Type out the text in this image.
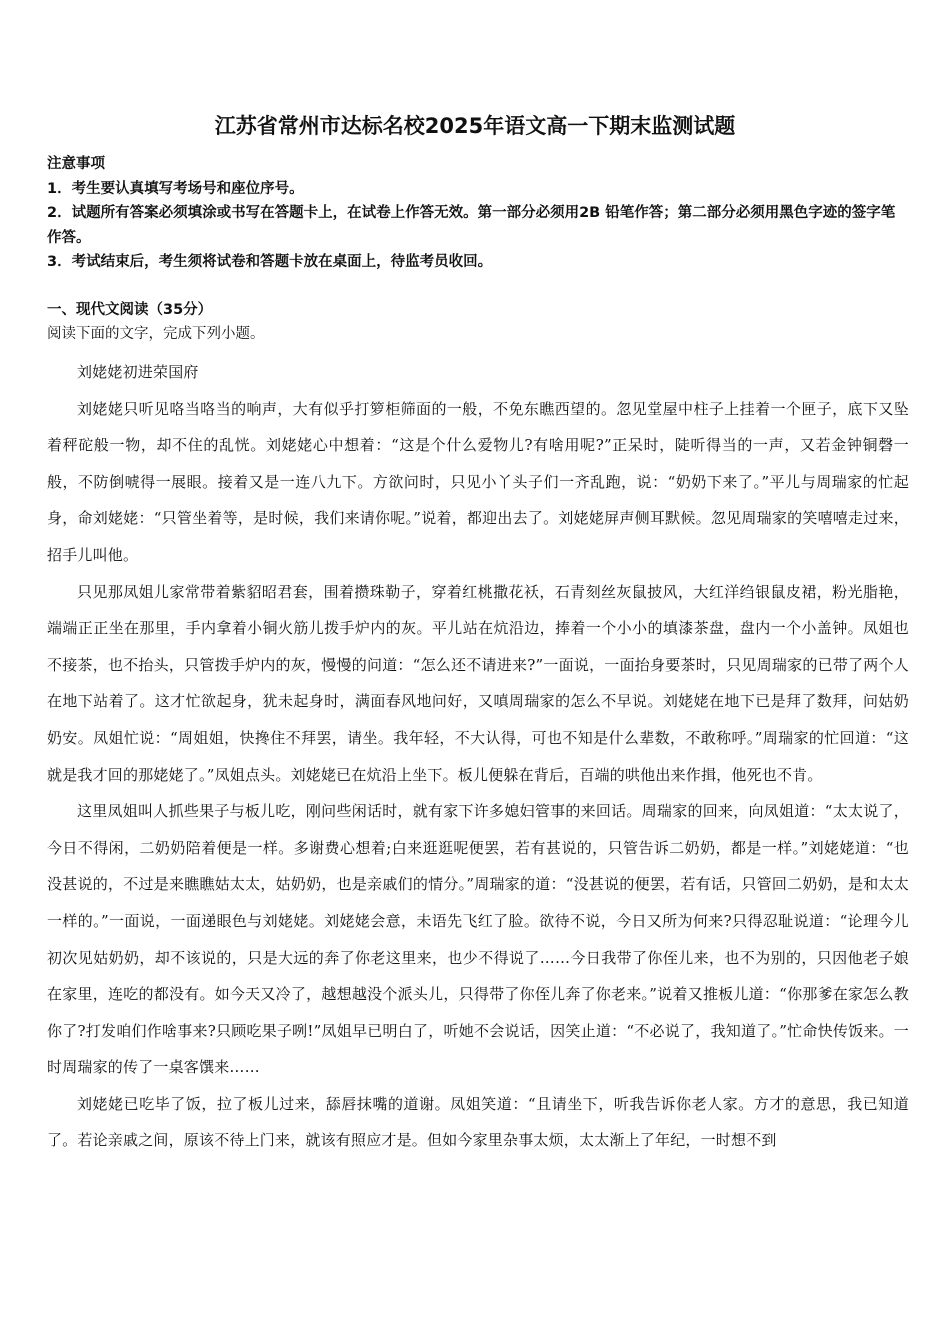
江苏省常州市达标名校2025年语文高一下期末监测试题
注意事项
1．考生要认真填写考场号和座位序号。
2．试题所有答案必须填涂或书写在答题卡上，在试卷上作答无效。第一部分必须用2B 铅笔作答；第二部分必须用黑色字迹的签字笔作答。
3．考试结束后，考生须将试卷和答题卡放在桌面上，待监考员收回。
一、现代文阅读（35分）
阅读下面的文字，完成下列小题。

刘姥姥初进荣国府

刘姥姥只听见咯当咯当的响声，大有似乎打箩柜筛面的一般，不免东瞧西望的。忽见堂屋中柱子上挂着一个匣子，底下又坠着秤砣般一物，却不住的乱恍。刘姥姥心中想着：“这是个什么爱物儿?有啥用呢?”正呆时，陡听得当的一声，又若金钟铜磬一般，不防倒唬得一展眼。接着又是一连八九下。方欲问时，只见小丫头子们一齐乱跑，说：“奶奶下来了。”平儿与周瑞家的忙起身，命刘姥姥：“只管坐着等，是时候，我们来请你呢。”说着，都迎出去了。刘姥姥屏声侧耳默候。忽见周瑞家的笑嘻嘻走过来，招手儿叫他。

只见那凤姐儿家常带着紫貂昭君套，围着攒珠勒子，穿着红桃撒花袄，石青刻丝灰鼠披风，大红洋绉银鼠皮裙，粉光脂艳，端端正正坐在那里，手内拿着小铜火筋儿拨手炉内的灰。平儿站在炕沿边，捧着一个小小的填漆茶盘，盘内一个小盖钟。凤姐也不接茶，也不抬头，只管拨手炉内的灰，慢慢的问道：“怎么还不请进来?”一面说，一面抬身要茶时，只见周瑞家的已带了两个人在地下站着了。这才忙欲起身，犹未起身时，满面春风地问好，又嗔周瑞家的怎么不早说。刘姥姥在地下已是拜了数拜，问姑奶奶安。凤姐忙说：“周姐姐，快搀住不拜罢，请坐。我年轻，不大认得，可也不知是什么辈数，不敢称呼。”周瑞家的忙回道：“这就是我才回的那姥姥了。”凤姐点头。刘姥姥已在炕沿上坐下。板儿便躲在背后，百端的哄他出来作揖，他死也不肯。

这里凤姐叫人抓些果子与板儿吃，刚问些闲话时，就有家下许多媳妇管事的来回话。周瑞家的回来，向凤姐道：“太太说了，今日不得闲，二奶奶陪着便是一样。多谢费心想着;白来逛逛呢便罢，若有甚说的，只管告诉二奶奶，都是一样。”刘姥姥道：“也没甚说的，不过是来瞧瞧姑太太，姑奶奶，也是亲戚们的情分。”周瑞家的道：“没甚说的便罢，若有话，只管回二奶奶，是和太太一样的。”一面说，一面递眼色与刘姥姥。刘姥姥会意，未语先飞红了脸。欲待不说，今日又所为何来?只得忍耻说道：“论理今儿初次见姑奶奶，却不该说的，只是大远的奔了你老这里来，也少不得说了……今日我带了你侄儿来，也不为别的，只因他老子娘在家里，连吃的都没有。如今天又冷了，越想越没个派头儿，只得带了你侄儿奔了你老来。”说着又推板儿道：“你那爹在家怎么教你了?打发咱们作啥事来?只顾吃果子咧!”凤姐早已明白了，听她不会说话，因笑止道：“不必说了，我知道了。”忙命快传饭来。一时周瑞家的传了一桌客馔来……

刘姥姥已吃毕了饭，拉了板儿过来，舔唇抹嘴的道谢。凤姐笑道：“且请坐下，听我告诉你老人家。方才的意思，我已知道了。若论亲戚之间，原该不待上门来，就该有照应才是。但如今家里杂事太烦，太太渐上了年纪，一时想不到
